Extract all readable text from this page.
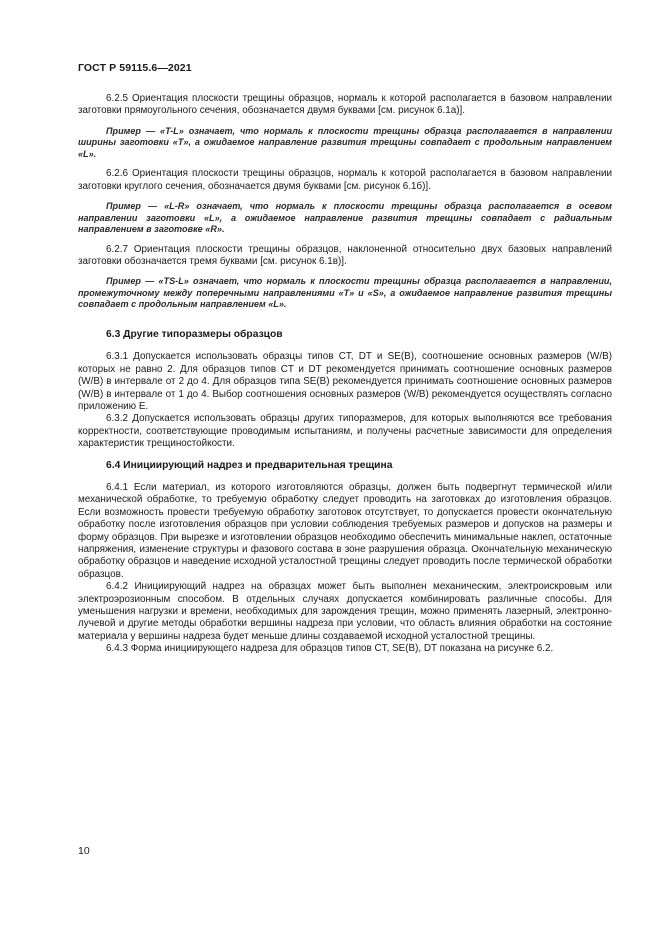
ГОСТ Р 59115.6—2021

6.2.5 Ориентация плоскости трещины образцов, нормаль к которой располагается в базовом направлении заготовки прямоугольного сечения, обозначается двумя буквами [см. рисунок 6.1а)].

Пример — «T-L» означает, что нормаль к плоскости трещины образца располагается в направлении ширины заготовки «T», а ожидаемое направление развития трещины совпадает с продольным направлением «L».

6.2.6 Ориентация плоскости трещины образцов, нормаль к которой располагается в базовом направлении заготовки круглого сечения, обозначается двумя буквами [см. рисунок 6.1б)].

Пример — «L-R» означает, что нормаль к плоскости трещины образца располагается в осевом направлении заготовки «L», а ожидаемое направление развития трещины совпадает с радиальным направлением в заготовке «R».

6.2.7 Ориентация плоскости трещины образцов, наклоненной относительно двух базовых направлений заготовки обозначается тремя буквами [см. рисунок 6.1в)].

Пример — «TS-L» означает, что нормаль к плоскости трещины образца располагается в направлении, промежуточному между поперечными направлениями «T» и «S», а ожидаемое направление развития трещины совпадает с продольным направлением «L».

6.3 Другие типоразмеры образцов

6.3.1 Допускается использовать образцы типов CT, DT и SE(B), соотношение основных размеров (W/B) которых не равно 2. Для образцов типов CT и DT рекомендуется принимать соотношение основных размеров (W/B) в интервале от 2 до 4. Для образцов типа SE(B) рекомендуется принимать соотношение основных размеров (W/B) в интервале от 1 до 4. Выбор соотношения основных размеров (W/B) рекомендуется осуществлять согласно приложению Е.

6.3.2 Допускается использовать образцы других типоразмеров, для которых выполняются все требования корректности, соответствующие проводимым испытаниям, и получены расчетные зависимости для определения характеристик трещиностойкости.

6.4 Инициирующий надрез и предварительная трещина

6.4.1 Если материал, из которого изготовляются образцы, должен быть подвергнут термической и/или механической обработке, то требуемую обработку следует проводить на заготовках до изготовления образцов. Если возможность провести требуемую обработку заготовок отсутствует, то допускается провести окончательную обработку после изготовления образцов при условии соблюдения требуемых размеров и допусков на размеры и форму образцов. При вырезке и изготовлении образцов необходимо обеспечить минимальные наклеп, остаточные напряжения, изменение структуры и фазового состава в зоне разрушения образца. Окончательную механическую обработку образцов и наведение исходной усталостной трещины следует проводить после термической обработки образцов.

6.4.2 Инициирующий надрез на образцах может быть выполнен механическим, электроискровым или электроэрозионным способом. В отдельных случаях допускается комбинировать различные способы. Для уменьшения нагрузки и времени, необходимых для зарождения трещин, можно применять лазерный, электронно-лучевой и другие методы обработки вершины надреза при условии, что область влияния обработки на состояние материала у вершины надреза будет меньше длины создаваемой исходной усталостной трещины.

6.4.3 Форма инициирующего надреза для образцов типов CT, SE(B), DT показана на рисунке 6.2.

10
